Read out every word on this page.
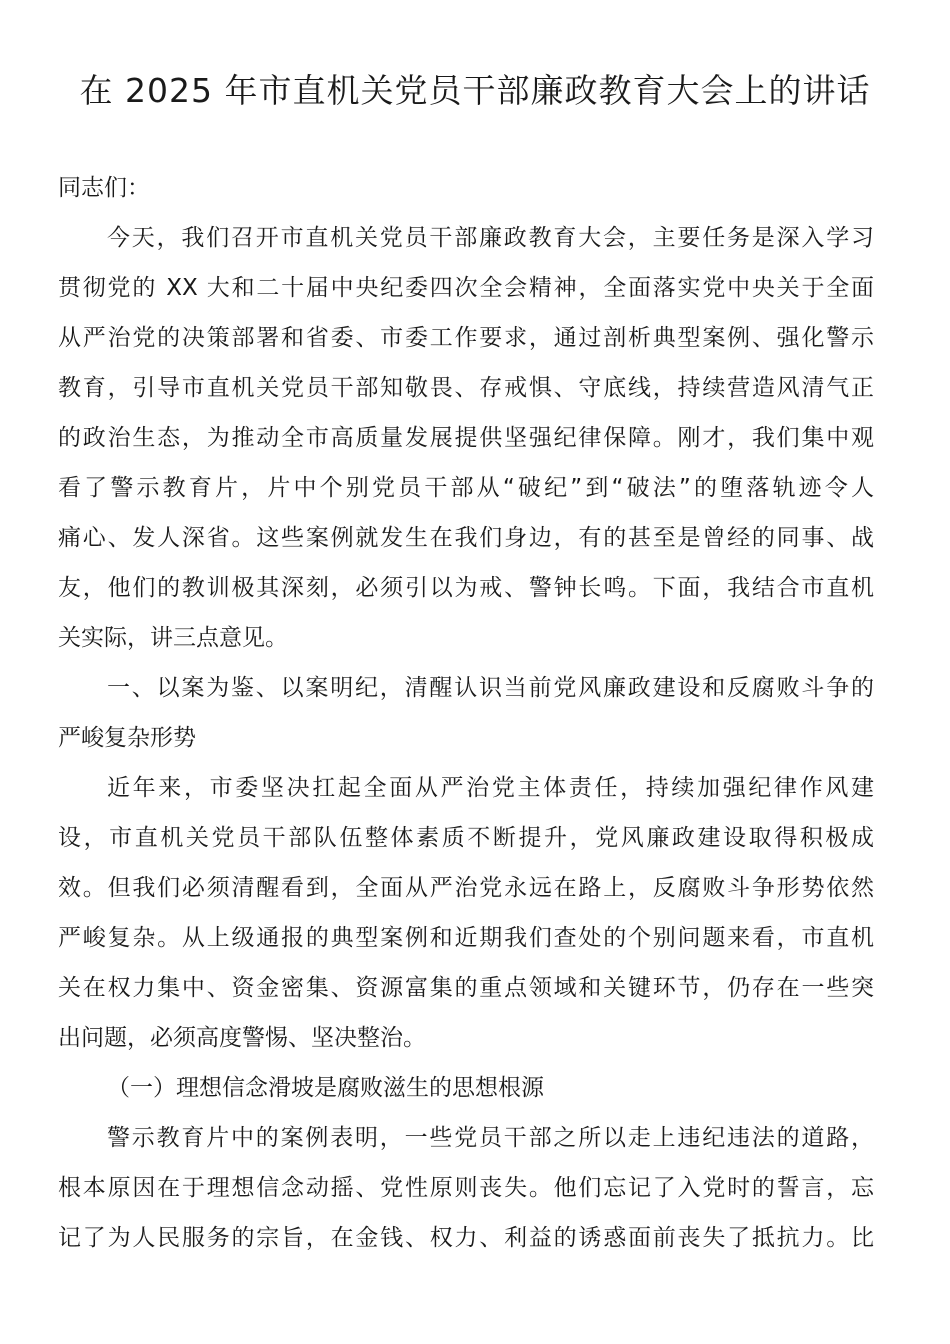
在 2025 年市直机关党员干部廉政教育大会上的讲话

同志们：

今天，我们召开市直机关党员干部廉政教育大会，主要任务是深入学习
贯彻党的 XX 大和二十届中央纪委四次全会精神，全面落实党中央关于全面
从严治党的决策部署和省委、市委工作要求，通过剖析典型案例、强化警示
教育，引导市直机关党员干部知敬畏、存戒惧、守底线，持续营造风清气正
的政治生态，为推动全市高质量发展提供坚强纪律保障。刚才，我们集中观
看了警示教育片，片中个别党员干部从“破纪”到“破法”的堕落轨迹令人
痛心、发人深省。这些案例就发生在我们身边，有的甚至是曾经的同事、战
友，他们的教训极其深刻，必须引以为戒、警钟长鸣。下面，我结合市直机
关实际，讲三点意见。

一、以案为鉴、以案明纪，清醒认识当前党风廉政建设和反腐败斗争的
严峻复杂形势

近年来，市委坚决扛起全面从严治党主体责任，持续加强纪律作风建
设，市直机关党员干部队伍整体素质不断提升，党风廉政建设取得积极成
效。但我们必须清醒看到，全面从严治党永远在路上，反腐败斗争形势依然
严峻复杂。从上级通报的典型案例和近期我们查处的个别问题来看，市直机
关在权力集中、资金密集、资源富集的重点领域和关键环节，仍存在一些突
出问题，必须高度警惕、坚决整治。

（一）理想信念滑坡是腐败滋生的思想根源

警示教育片中的案例表明，一些党员干部之所以走上违纪违法的道路，
根本原因在于理想信念动摇、党性原则丧失。他们忘记了入党时的誓言，忘
记了为人民服务的宗旨，在金钱、权力、利益的诱惑面前丧失了抵抗力。比
